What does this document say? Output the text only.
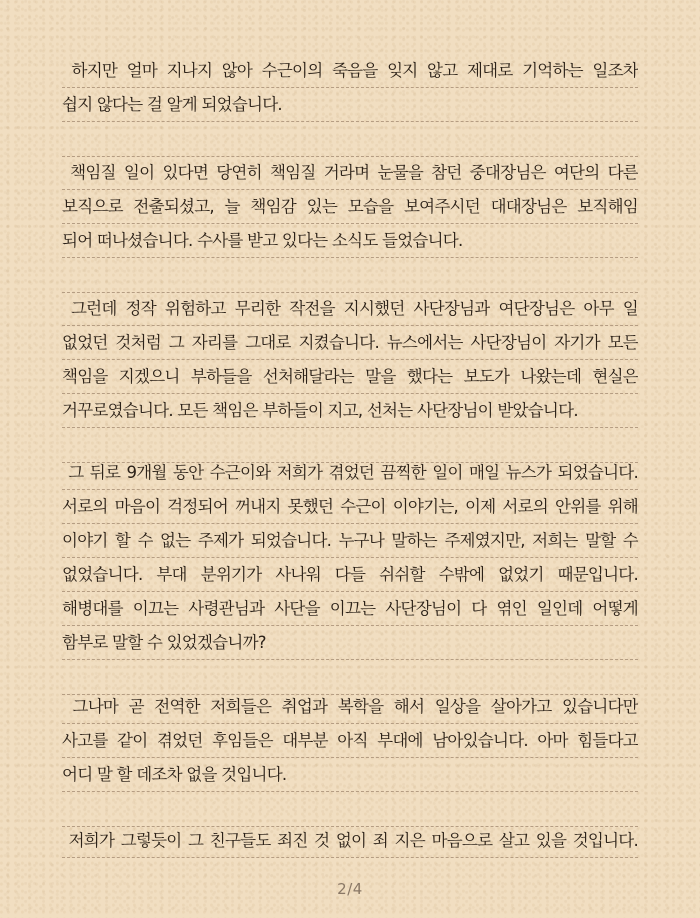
하지만 얼마 지나지 않아 수근이의 죽음을 잊지 않고 제대로 기억하는 일조차
쉽지 않다는 걸 알게 되었습니다.
책임질 일이 있다면 당연히 책임질 거라며 눈물을 참던 중대장님은 여단의 다른
보직으로 전출되셨고, 늘 책임감 있는 모습을 보여주시던 대대장님은 보직해임
되어 떠나셨습니다. 수사를 받고 있다는 소식도 들었습니다.
그런데 정작 위험하고 무리한 작전을 지시했던 사단장님과 여단장님은 아무 일
없었던 것처럼 그 자리를 그대로 지켰습니다. 뉴스에서는 사단장님이 자기가 모든
책임을 지겠으니 부하들을 선처해달라는 말을 했다는 보도가 나왔는데 현실은
거꾸로였습니다. 모든 책임은 부하들이 지고, 선처는 사단장님이 받았습니다.
그 뒤로 9개월 동안 수근이와 저희가 겪었던 끔찍한 일이 매일 뉴스가 되었습니다.
서로의 마음이 걱정되어 꺼내지 못했던 수근이 이야기는, 이제 서로의 안위를 위해
이야기 할 수 없는 주제가 되었습니다. 누구나 말하는 주제였지만, 저희는 말할 수
없었습니다. 부대 분위기가 사나워 다들 쉬쉬할 수밖에 없었기 때문입니다.
해병대를 이끄는 사령관님과 사단을 이끄는 사단장님이 다 엮인 일인데 어떻게
함부로 말할 수 있었겠습니까?
그나마 곧 전역한 저희들은 취업과 복학을 해서 일상을 살아가고 있습니다만
사고를 같이 겪었던 후임들은 대부분 아직 부대에 남아있습니다. 아마 힘들다고
어디 말 할 데조차 없을 것입니다.
저희가 그렇듯이 그 친구들도 죄진 것 없이 죄 지은 마음으로 살고 있을 것입니다.
2/4
